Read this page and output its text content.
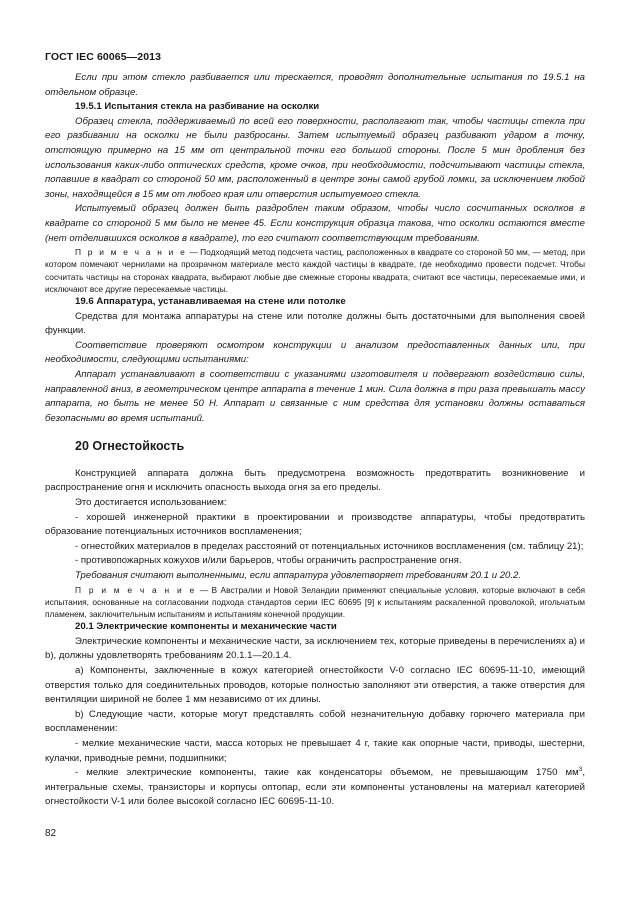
ГОСТ IEC 60065—2013

Если при этом стекло разбивается или трескается, проводят дополнительные испытания по 19.5.1 на отдельном образце.

19.5.1 Испытания стекла на разбивание на осколки

Образец стекла, поддерживаемый по всей его поверхности, располагают так, чтобы частицы стекла при его разбивании на осколки не были разбросаны. Затем испытуемый образец разбивают ударом в точку, отстоящую примерно на 15 мм от центральной точки его большой стороны. После 5 мин дробления без использования каких-либо оптических средств, кроме очков, при необходимости, подсчитывают частицы стекла, попавшие в квадрат со стороной 50 мм, расположенный в центре зоны самой грубой ломки, за исключением любой зоны, находящейся в 15 мм от любого края или отверстия испытуемого стекла.

Испытуемый образец должен быть раздроблен таким образом, чтобы число сосчитанных осколков в квадрате со стороной 5 мм было не менее 45. Если конструкция образца такова, что осколки остаются вместе (нет отделившихся осколков в квадрате), то его считают соответствующим требованиям.

П р и м е ч а н и е — Подходящий метод подсчета частиц, расположенных в квадрате со стороной 50 мм, — метод, при котором помечают чернилами на прозрачном материале место каждой частицы в квадрате, где необходимо провести подсчет. Чтобы сосчитать частицы на сторонах квадрата, выбирают любые две смежные стороны квадрата, считают все частицы, пересекаемые ими, и исключают все другие пересекаемые частицы.

19.6 Аппаратура, устанавливаемая на стене или потолке

Средства для монтажа аппаратуры на стене или потолке должны быть достаточными для выполнения своей функции.

Соответствие проверяют осмотром конструкции и анализом предоставленных данных или, при необходимости, следующими испытаниями:

Аппарат устанавливают в соответствии с указаниями изготовителя и подвергают воздействию силы, направленной вниз, в геометрическом центре аппарата в течение 1 мин. Сила должна в три раза превышать массу аппарата, но быть не менее 50 Н. Аппарат и связанные с ним средства для установки должны оставаться безопасными во время испытаний.

20 Огнестойкость

Конструкцией аппарата должна быть предусмотрена возможность предотвратить возникновение и распространение огня и исключить опасность выхода огня за его пределы.

Это достигается использованием:

- хорошей инженерной практики в проектировании и производстве аппаратуры, чтобы предотвратить образование потенциальных источников воспламенения;

- огнестойких материалов в пределах расстояний от потенциальных источников воспламенения (см. таблицу 21);

- противопожарных кожухов и/или барьеров, чтобы ограничить распространение огня.

Требования считают выполненными, если аппаратура удовлетворяет требованиям 20.1 и 20.2.

П р и м е ч а н и е — В Австралии и Новой Зеландии применяют специальные условия, которые включают в себя испытания, основанные на согласовании подхода стандартов серии IEC 60695 [9] к испытаниям раскаленной проволокой, игольчатым пламенем, заключительным испытаниям и испытаниям конечной продукции.

20.1 Электрические компоненты и механические части

Электрические компоненты и механические части, за исключением тех, которые приведены в перечислениях а) и b), должны удовлетворять требованиям 20.1.1—20.1.4.

а) Компоненты, заключенные в кожух категорией огнестойкости V-0 согласно IEC 60695-11-10, имеющий отверстия только для соединительных проводов, которые полностью заполняют эти отверстия, а также отверстия для вентиляции шириной не более 1 мм независимо от их длины.

b) Следующие части, которые могут представлять собой незначительную добавку горючего материала при воспламенении:

- мелкие механические части, масса которых не превышает 4 г, такие как опорные части, приводы, шестерни, кулачки, приводные ремни, подшипники;

- мелкие электрические компоненты, такие как конденсаторы объемом, не превышающим 1750 $мм^3$, интегральные схемы, транзисторы и корпусы оптопар, если эти компоненты установлены на материал категорией огнестойкости V-1 или более высокой согласно IEC 60695-11-10.

82
